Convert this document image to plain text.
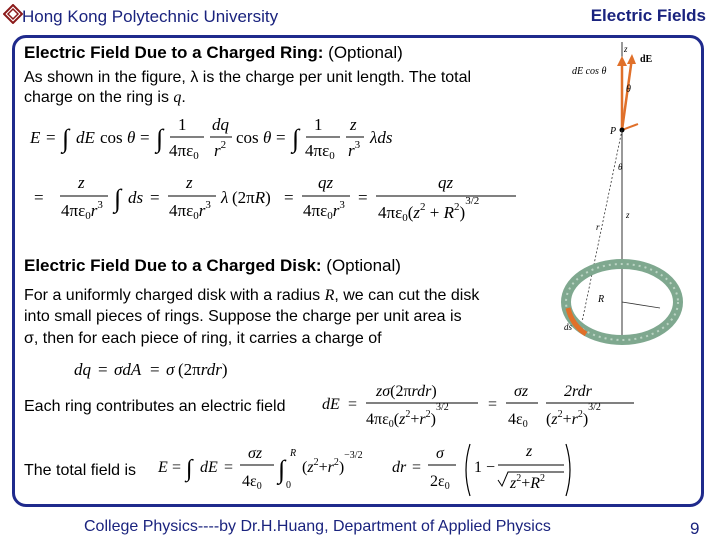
Hong Kong Polytechnic University	Electric Fields
Electric Field Due to a Charged Ring: (Optional)
As shown in the figure, λ is the charge per unit length. The total
charge on the ring is q.
E = ∫ dE cos θ = ∫ 1
4πε0
dq
$r^2$ cos θ = ∫ 1
4πε0
z
$r^3$ λds
=
z
$4\pi\varepsilon 0r^3$ ∫ ds =
z
$4\pi\varepsilon 0r^3$ λ (2πR) =
qz
$4\pi\varepsilon 0r^3$ =
qz
$4\pi\varepsilon 0(z^2 + R^2)^{3/2}$
Electric Field Due to a Charged Disk: (Optional)
For a uniformly charged disk with a radius R, we can cut the disk
into small pieces of rings. Suppose the charge per unit area is
σ, then for each piece of ring, it carries a charge of
dq = σdA = σ (2πrdr)
Each ring contributes an electric field dE =
zσ(2πrdr)
$4\pi\varepsilon 0(z^2+r^2)^{3/2}$ =
σz
4ε0
2rdr
$(z^2+r^2)^{3/2}$
The total field is E = ∫ dE =
σz
4ε0
∫
R
0
$(z^2+r^2)^{-3/2}$
dr =
σ
2ε0
1 −
z
$z^2+R^2$
z
z
dE cos θ
dE
θ
P
r
θ
R
ds
College Physics----by Dr.H.Huang, Department of Applied Physics	9
